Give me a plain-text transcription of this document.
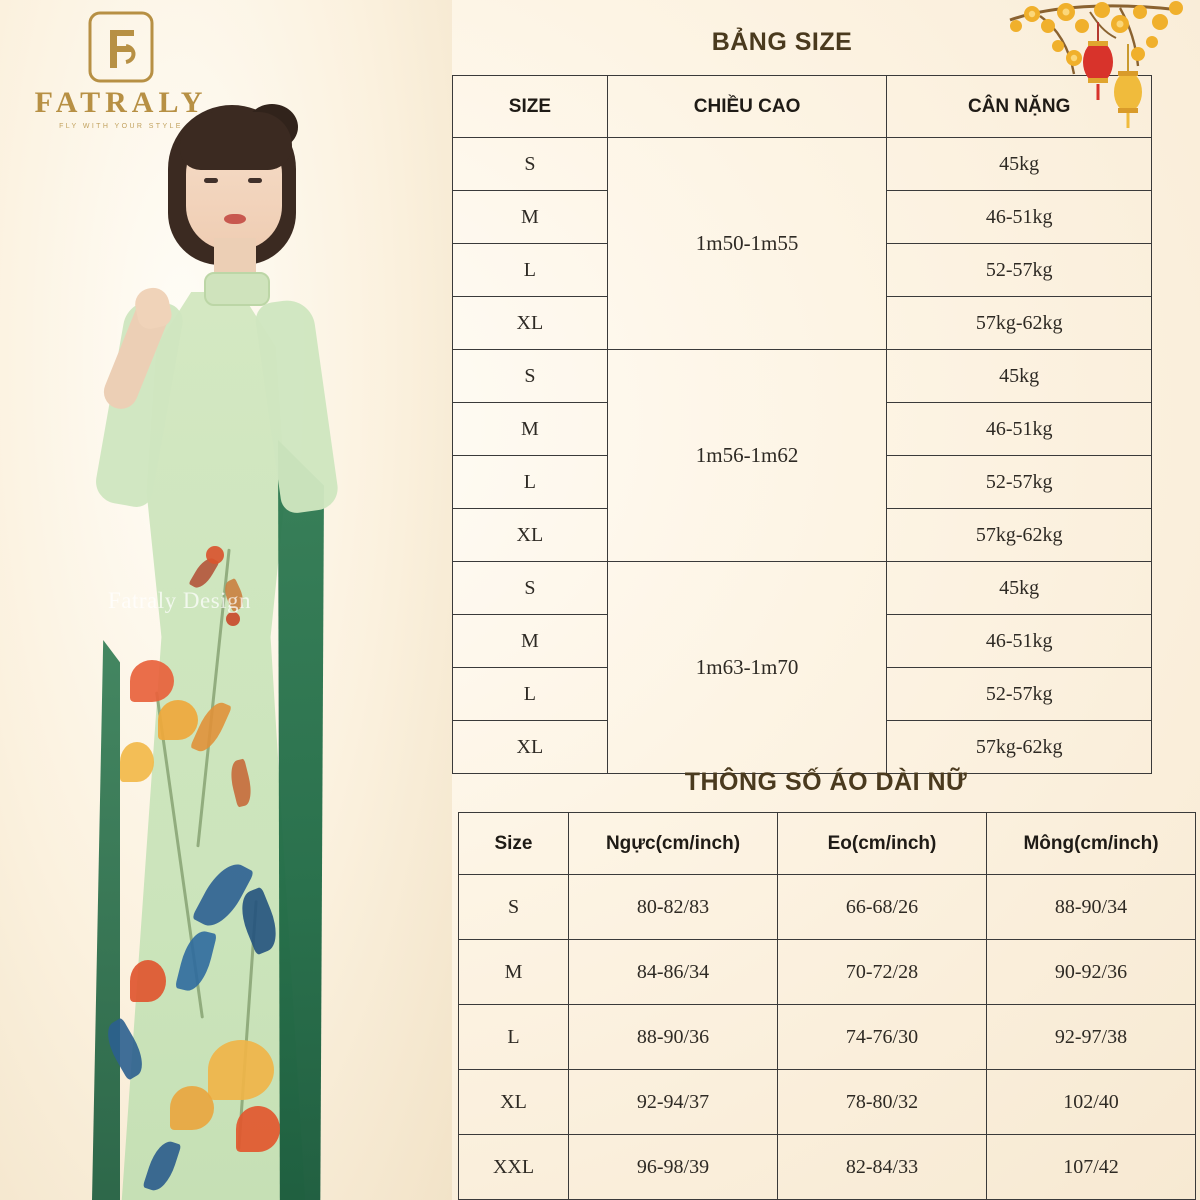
Fatraly Design
FATRALY
FLY WITH YOUR STYLE
BẢNG SIZE
SIZE	CHIỀU CAO	CÂN NẶNG
S	1m50-1m55	45kg
M		46-51kg
L		52-57kg
XL		57kg-62kg
S	1m56-1m62	45kg
M		46-51kg
L		52-57kg
XL		57kg-62kg
S	1m63-1m70	45kg
M		46-51kg
L		52-57kg
XL		57kg-62kg
THÔNG SỐ ÁO DÀI NỮ
Size	Ngực(cm/inch)	Eo(cm/inch)	Mông(cm/inch)
S	80-82/83	66-68/26	88-90/34
M	84-86/34	70-72/28	90-92/36
L	88-90/36	74-76/30	92-97/38
XL	92-94/37	78-80/32	102/40
XXL	96-98/39	82-84/33	107/42
